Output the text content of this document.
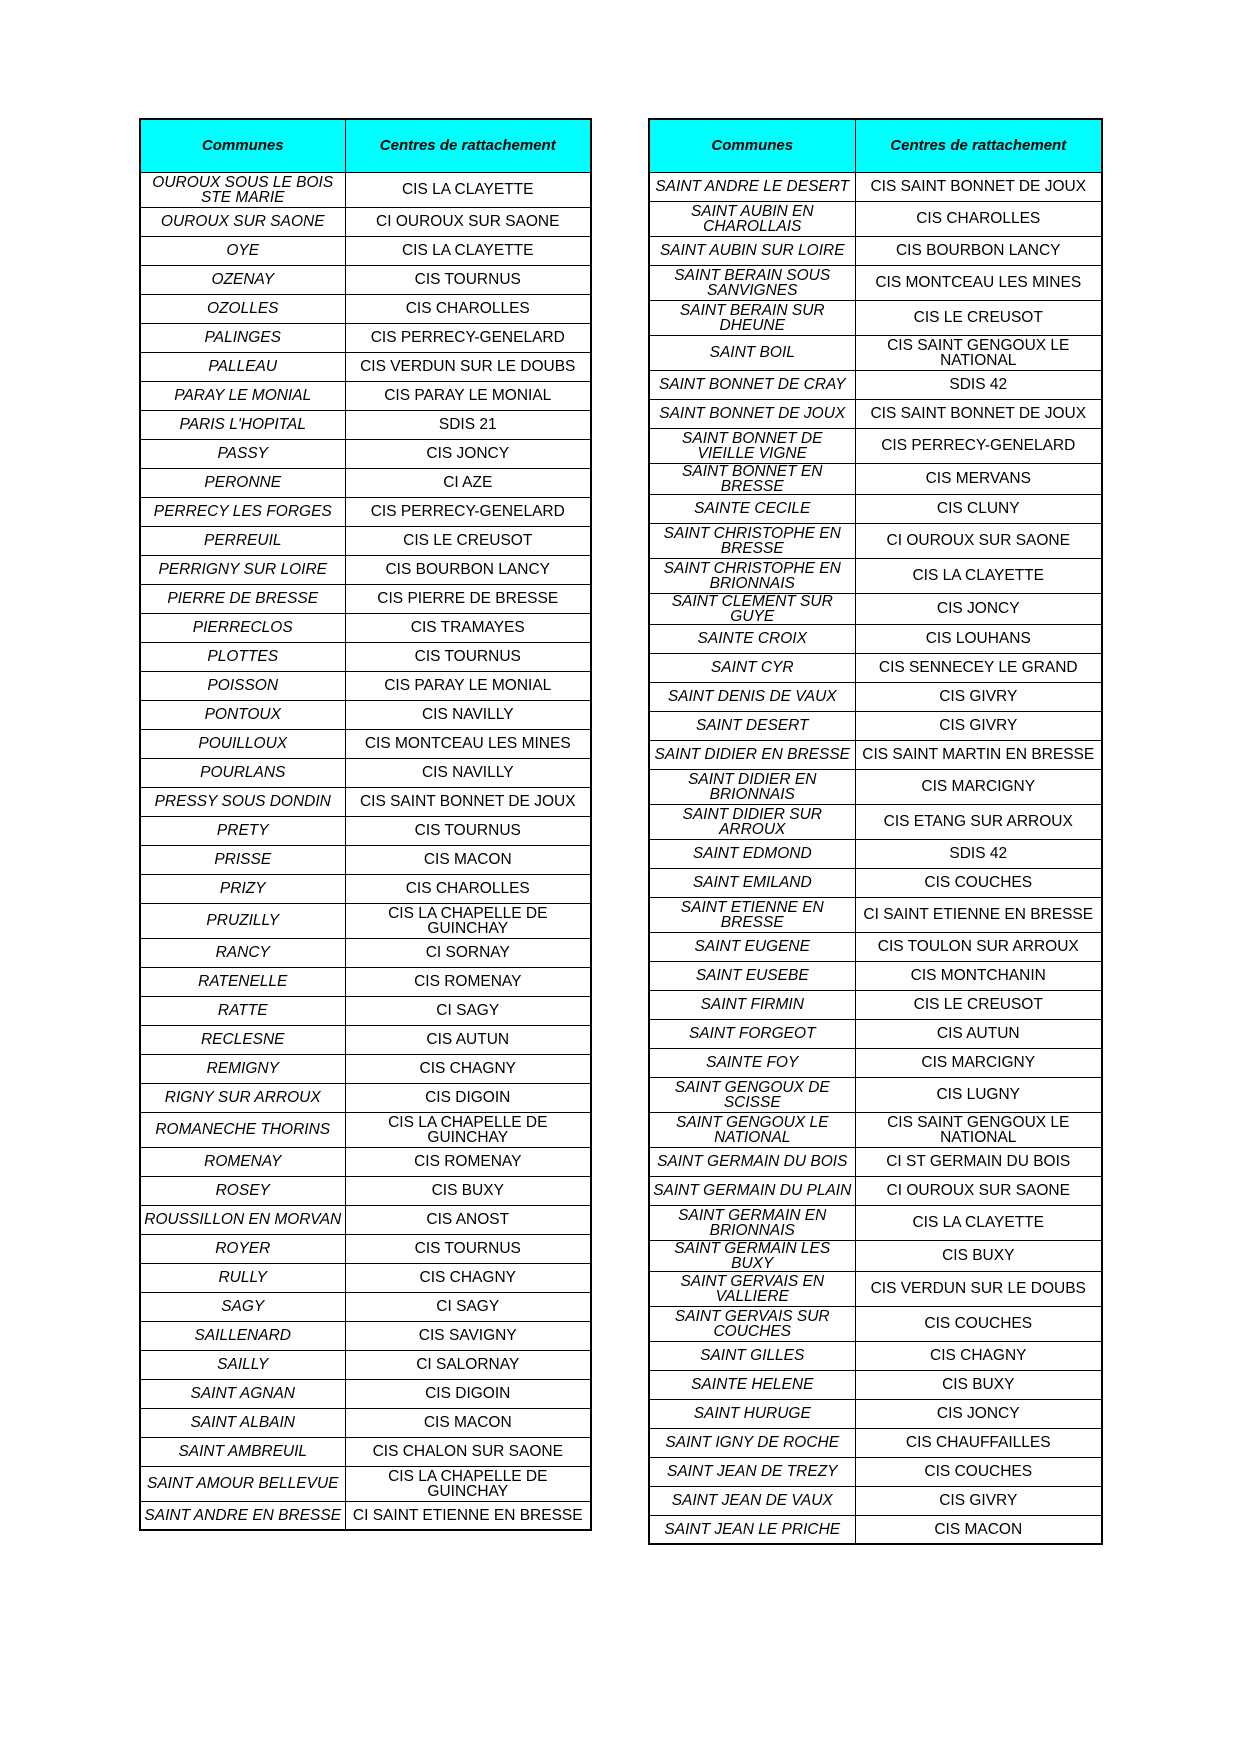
Communes	Centres de rattachement
OUROUX SOUS LE BOIS STE MARIE	CIS LA CLAYETTE
OUROUX SUR SAONE	CI OUROUX SUR SAONE
OYE	CIS LA CLAYETTE
OZENAY	CIS TOURNUS
OZOLLES	CIS CHAROLLES
PALINGES	CIS PERRECY-GENELARD
PALLEAU	CIS VERDUN SUR LE DOUBS
PARAY LE MONIAL	CIS PARAY LE MONIAL
PARIS L'HOPITAL	SDIS 21
PASSY	CIS JONCY
PERONNE	CI AZE
PERRECY LES FORGES	CIS PERRECY-GENELARD
PERREUIL	CIS LE CREUSOT
PERRIGNY SUR LOIRE	CIS BOURBON LANCY
PIERRE DE BRESSE	CIS PIERRE DE BRESSE
PIERRECLOS	CIS TRAMAYES
PLOTTES	CIS TOURNUS
POISSON	CIS PARAY LE MONIAL
PONTOUX	CIS NAVILLY
POUILLOUX	CIS MONTCEAU LES MINES
POURLANS	CIS NAVILLY
PRESSY SOUS DONDIN	CIS SAINT BONNET DE JOUX
PRETY	CIS TOURNUS
PRISSE	CIS MACON
PRIZY	CIS CHAROLLES
PRUZILLY	CIS LA CHAPELLE DE GUINCHAY
RANCY	CI SORNAY
RATENELLE	CIS ROMENAY
RATTE	CI SAGY
RECLESNE	CIS AUTUN
REMIGNY	CIS CHAGNY
RIGNY SUR ARROUX	CIS DIGOIN
ROMANECHE THORINS	CIS LA CHAPELLE DE GUINCHAY
ROMENAY	CIS ROMENAY
ROSEY	CIS BUXY
ROUSSILLON EN MORVAN	CIS ANOST
ROYER	CIS TOURNUS
RULLY	CIS CHAGNY
SAGY	CI SAGY
SAILLENARD	CIS SAVIGNY
SAILLY	CI SALORNAY
SAINT AGNAN	CIS DIGOIN
SAINT ALBAIN	CIS MACON
SAINT AMBREUIL	CIS CHALON SUR SAONE
SAINT AMOUR BELLEVUE	CIS LA CHAPELLE DE GUINCHAY
SAINT ANDRE EN BRESSE	CI SAINT ETIENNE EN BRESSE
Communes	Centres de rattachement
SAINT ANDRE LE DESERT	CIS SAINT BONNET DE JOUX
SAINT AUBIN EN CHAROLLAIS	CIS CHAROLLES
SAINT AUBIN SUR LOIRE	CIS BOURBON LANCY
SAINT BERAIN SOUS SANVIGNES	CIS MONTCEAU LES MINES
SAINT BERAIN SUR DHEUNE	CIS LE CREUSOT
SAINT BOIL	CIS SAINT GENGOUX LE NATIONAL
SAINT BONNET DE CRAY	SDIS 42
SAINT BONNET DE JOUX	CIS SAINT BONNET DE JOUX
SAINT BONNET DE VIEILLE VIGNE	CIS PERRECY-GENELARD
SAINT BONNET EN BRESSE	CIS MERVANS
SAINTE CECILE	CIS CLUNY
SAINT CHRISTOPHE EN BRESSE	CI OUROUX SUR SAONE
SAINT CHRISTOPHE EN BRIONNAIS	CIS LA CLAYETTE
SAINT CLEMENT SUR GUYE	CIS JONCY
SAINTE CROIX	CIS LOUHANS
SAINT CYR	CIS SENNECEY LE GRAND
SAINT DENIS DE VAUX	CIS GIVRY
SAINT DESERT	CIS GIVRY
SAINT DIDIER EN BRESSE	CIS SAINT MARTIN EN BRESSE
SAINT DIDIER EN BRIONNAIS	CIS MARCIGNY
SAINT DIDIER SUR ARROUX	CIS ETANG SUR ARROUX
SAINT EDMOND	SDIS 42
SAINT EMILAND	CIS COUCHES
SAINT ETIENNE EN BRESSE	CI SAINT ETIENNE EN BRESSE
SAINT EUGENE	CIS TOULON SUR ARROUX
SAINT EUSEBE	CIS MONTCHANIN
SAINT FIRMIN	CIS LE CREUSOT
SAINT FORGEOT	CIS AUTUN
SAINTE FOY	CIS MARCIGNY
SAINT GENGOUX DE SCISSE	CIS LUGNY
SAINT GENGOUX LE NATIONAL	CIS SAINT GENGOUX LE NATIONAL
SAINT GERMAIN DU BOIS	CI ST GERMAIN DU BOIS
SAINT GERMAIN DU PLAIN	CI OUROUX SUR SAONE
SAINT GERMAIN EN BRIONNAIS	CIS LA CLAYETTE
SAINT GERMAIN LES BUXY	CIS BUXY
SAINT GERVAIS EN VALLIERE	CIS VERDUN SUR LE DOUBS
SAINT GERVAIS SUR COUCHES	CIS COUCHES
SAINT GILLES	CIS CHAGNY
SAINTE HELENE	CIS BUXY
SAINT HURUGE	CIS JONCY
SAINT IGNY DE ROCHE	CIS CHAUFFAILLES
SAINT JEAN DE TREZY	CIS COUCHES
SAINT JEAN DE VAUX	CIS GIVRY
SAINT JEAN LE PRICHE	CIS MACON
